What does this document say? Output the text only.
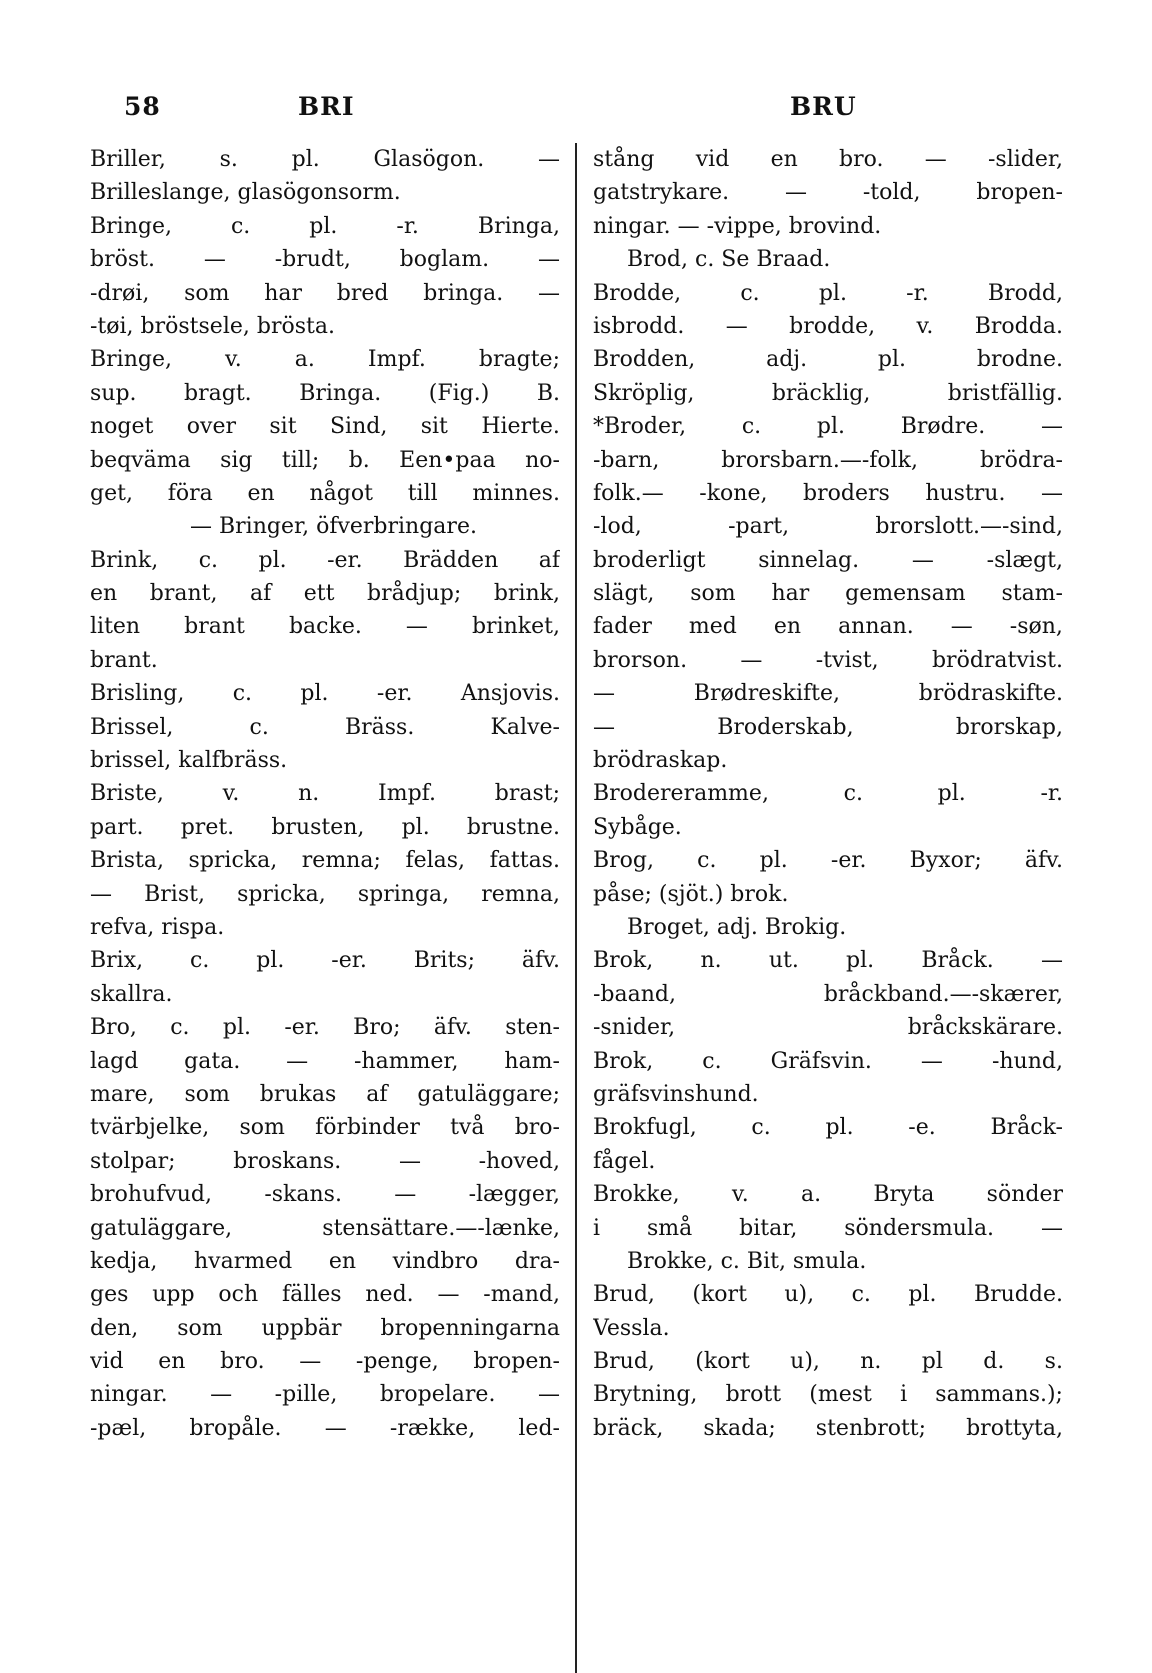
58	BRI	BRU
Briller, s. pl. Glasögon. —
Brilleslange, glasögonsorm.
Bringe,	c.	pl.	-r.	Bringa,
bröst. — -brudt, boglam. —
-drøi, som har bred bringa. —
-tøi, bröstsele, brösta.
Bringe, v. a. Impf. bragte;
sup. bragt. Bringa. (Fig.) B.
noget over sit Sind, sit Hierte.
beqväma sig till; b. Een•paa no-
get, föra en något till minnes.
— Bringer, öfverbringare.
Brink, c. pl. -er. Brädden af
en brant, af ett brådjup; brink,
liten brant backe. — brinket,
brant.
Brisling, c. pl. -er. Ansjovis.
Brissel,	c.	Bräss.	Kalve-
brissel, kalfbräss.
Briste,	v.	n.	Impf.	brast;
part. pret. brusten, pl. brustne.
Brista, spricka, remna; felas, fattas.
— Brist, spricka, springa, remna,
refva, rispa.
Brix, c. pl. -er. Brits; äfv.
skallra.
Bro, c. pl. -er. Bro; äfv. sten-
lagd gata. — -hammer, ham-
mare, som brukas af gatuläggare;
tvärbjelke, som förbinder två bro-
stolpar;	broskans.	—	-hoved,
brohufvud, -skans. — -lægger,
gatuläggare,	stensättare.—-lænke,
kedja, hvarmed en vindbro dra-
ges upp och fälles ned. — -mand,
den, som uppbär bropenningarna
vid en bro. — -penge, bropen-
ningar. — -pille, bropelare. —
-pæl, bropåle. — -række, led-
stång vid en bro. — -slider,
gatstrykare.	—	-told,	bropen-
ningar. — -vippe, brovind.
Brod, c. Se Braad.
Brodde,	c.	pl.	-r.	Brodd,
isbrodd. — brodde, v. Brodda.
Brodden,	adj.	pl.	brodne.
Skröplig,	bräcklig,	bristfällig.
*Broder,	c.	pl.	Brødre.	—
-barn,	brorsbarn.—-folk,	brödra-
folk.— -kone, broders hustru. —
-lod,	-part,	brorslott.—-sind,
broderligt sinnelag. — -slægt,
slägt, som har gemensam stam-
fader med en annan. — -søn,
brorson. — -tvist, brödratvist.
—	Brødreskifte,	brödraskifte.
—	Broderskab,	brorskap,
brödraskap.
Brodereramme,	c.	pl.	-r.
Sybåge.
Brog, c. pl. -er. Byxor; äfv.
påse; (sjöt.) brok.
Broget, adj. Brokig.
Brok, n. ut. pl. Bråck. —
-baand,	bråckband.—-skærer,
-snider,	bråckskärare.
Brok, c. Gräfsvin. — -hund,
gräfsvinshund.
Brokfugl, c. pl. -e. Bråck-
fågel.
Brokke, v. a. Bryta sönder
i små bitar, söndersmula. —
Brokke, c. Bit, smula.
Brud, (kort u), c. pl. Brudde.
Vessla.
Brud, (kort u), n. pl d. s.
Brytning, brott (mest i sammans.);
bräck, skada; stenbrott; brottyta,
